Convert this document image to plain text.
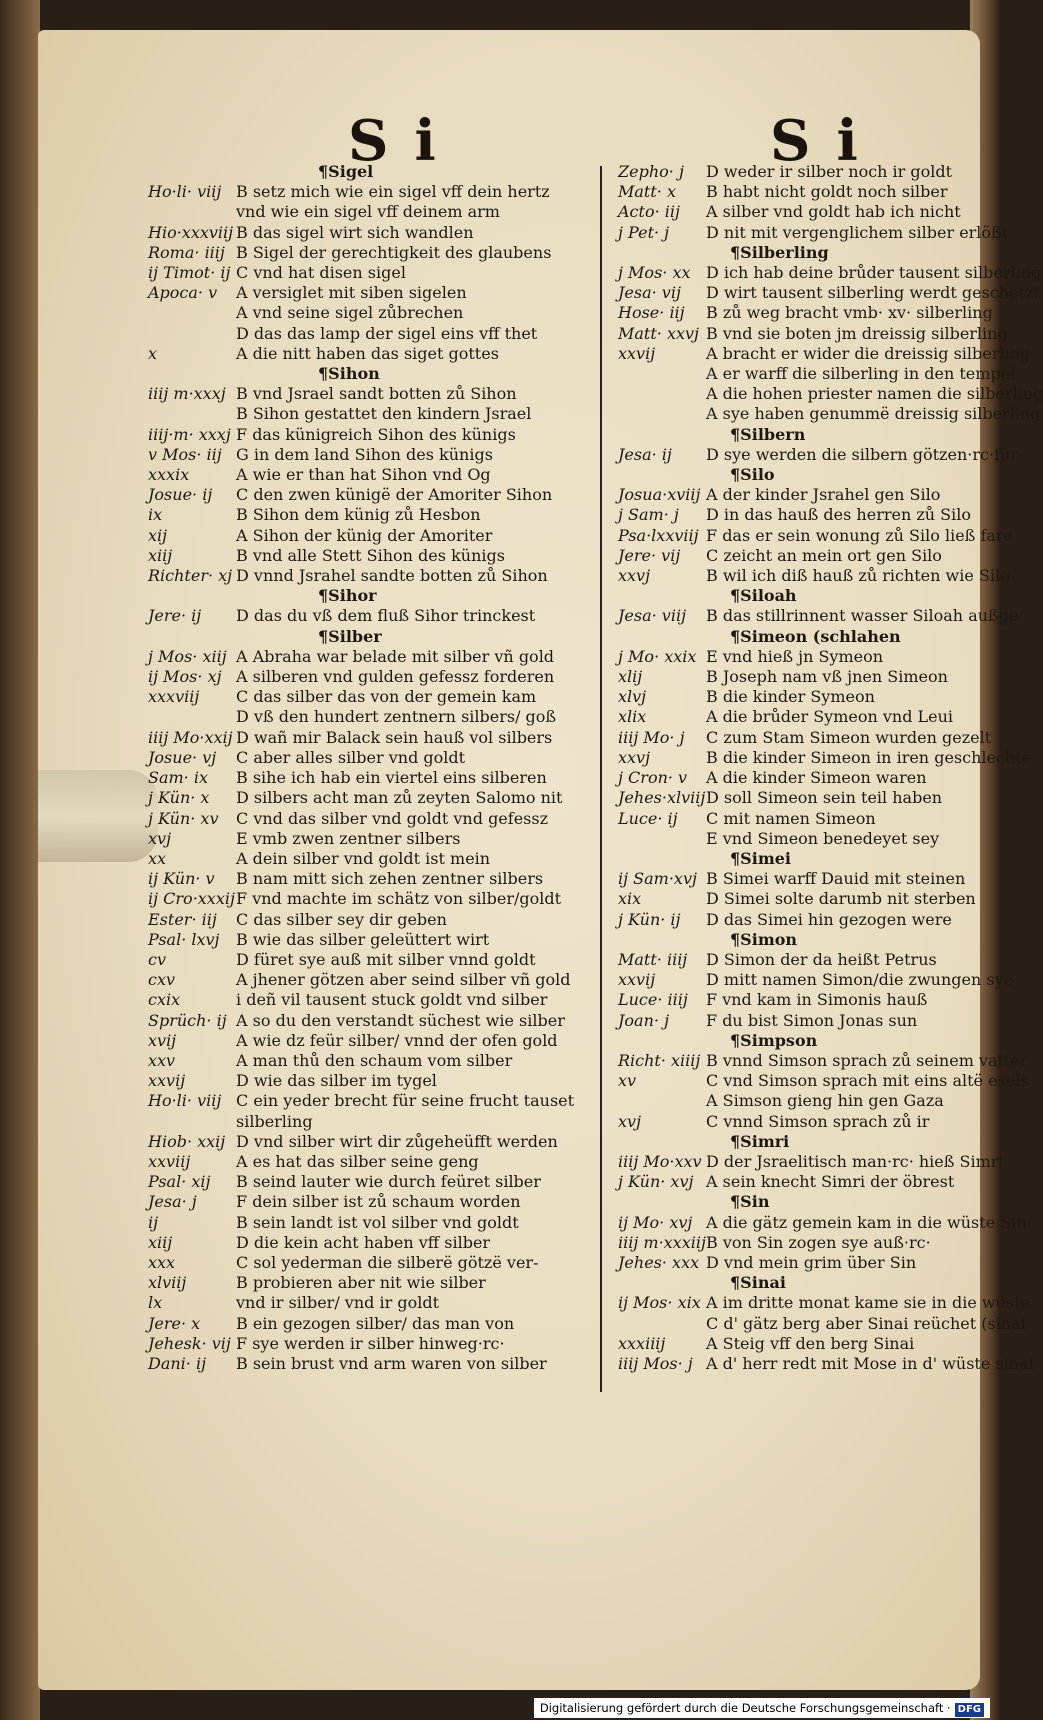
Si	Si
¶Sigel
Ho·li· viij B setz mich wie ein sigel vff dein hertz
vnd wie ein sigel vff deinem arm
Hio·xxxviij B das sigel wirt sich wandlen
Roma· iiij B Sigel der gerechtigkeit des glaubens
ij Timot· ij C vnd hat disen sigel
Apoca· v	A versiglet mit siben sigelen
A vnd seine sigel zůbrechen
D das das lamp der sigel eins vff thet
x	A die nitt haben das siget gottes
¶Sihon
iiij m·xxxj B vnd Jsrael sandt botten zů Sihon
B Sihon gestattet den kindern Jsrael
iiij·m· xxxj F das künigreich Sihon des künigs
v Mos· iij G in dem land Sihon des künigs
xxxix	A wie er than hat Sihon vnd Og
Josue· ij	C den zwen künigë der Amoriter Sihon
ix	B Sihon dem künig zů Hesbon
xij	A Sihon der künig der Amoriter
xiij	B vnd alle Stett Sihon des künigs
Richter· xj D vnnd Jsrahel sandte botten zů Sihon
¶Sihor
Jere· ij	D das du vß dem fluß Sihor trinckest
¶Silber
j Mos· xiij A Abraha war belade mit silber vñ gold
ij Mos· xj A silberen vnd gulden gefessz forderen
xxxviij	C das silber das von der gemein kam
D vß den hundert zentnern silbers/ goß
iiij Mo·xxij D wañ mir Balack sein hauß vol silbers
Josue· vj	C aber alles silber vnd goldt
Sam· ix	B sihe ich hab ein viertel eins silberen
j Kün· x	D silbers acht man zů zeyten Salomo nit
j Kün· xv	C vnd das silber vnd goldt vnd gefessz
xvj	E vmb zwen zentner silbers
xx	A dein silber vnd goldt ist mein
ij Kün· v	B nam mitt sich zehen zentner silbers
ij Cro·xxxij F vnd machte im schätz von silber/goldt
Ester· iij	C das silber sey dir geben
Psal· lxvj	B wie das silber geleüttert wirt
cv	D füret sye auß mit silber vnnd goldt
cxv	A jhener götzen aber seind silber vñ gold
cxix	i deñ vil tausent stuck goldt vnd silber
Sprüch· ij A so du den verstandt süchest wie silber
xvij	A wie dz feür silber/ vnnd der ofen gold
xxv	A man thů den schaum vom silber
xxvij	D wie das silber im tygel
Ho·li· viij C ein yeder brecht für seine frucht tauset
silberling
Hiob· xxij D vnd silber wirt dir zůgeheüfft werden
xxviij	A es hat das silber seine geng
Psal· xij	B seind lauter wie durch feüret silber
Jesa· j	F dein silber ist zů schaum worden
ij	B sein landt ist vol silber vnd goldt
xiij	D die kein acht haben vff silber
xxx	C sol yederman die silberë götzë ver-
xlviij	B probieren aber nit wie silber
lx	vnd ir silber/ vnd ir goldt
Jere· x	B ein gezogen silber/ das man von
Jehesk· vij F sye werden ir silber hinweg·rc·
Dani· ij	B sein brust vnd arm waren von silber
Zepho· j	D weder ir silber noch ir goldt
Matt· x	B habt nicht goldt noch silber
Acto· iij	A silber vnd goldt hab ich nicht
j Pet· j	D nit mit vergenglichem silber erlößt
¶Silberling
j Mos· xx D ich hab deine brůder tausent silberling
Jesa· vij	D wirt tausent silberling werdt geschetzt
Hose· iij	B zů weg bracht vmb· xv· silberling
Matt· xxvj B vnd sie boten jm dreissig silberling
xxvij	A bracht er wider die dreissig silberling
A er warff die silberling in den tempel
A die hohen priester namen die silberling
A sye haben genummë dreissig silberling
¶Silbern
Jesa· ij	D sye werden die silbern götzen·rc·für·
¶Silo
Josua·xviij A der kinder Jsrahel gen Silo
j Sam· j	D in das hauß des herren zů Silo
Psa·lxxviij F das er sein wonung zů Silo ließ fare
Jere· vij	C zeicht an mein ort gen Silo
xxvj	B wil ich diß hauß zů richten wie Silo
¶Siloah
Jesa· viij	B das stillrinnent wasser Siloah außge
¶Simeon (schlahen
j Mo· xxix E vnd hieß jn Symeon
xlij	B Joseph nam vß jnen Simeon
xlvj	B die kinder Symeon
xlix	A die brůder Symeon vnd Leui
iiij Mo· j	C zum Stam Simeon wurden gezelt
xxvj	B die kinder Simeon in iren geschlechte
j Cron· v	A die kinder Simeon waren
Jehes·xlviij D soll Simeon sein teil haben
Luce· ij	C mit namen Simeon
E vnd Simeon benedeyet sey
¶Simei
ij Sam·xvj B Simei warff Dauid mit steinen
xix	D Simei solte darumb nit sterben
j Kün· ij	D das Simei hin gezogen were
¶Simon
Matt· iiij	D Simon der da heißt Petrus
xxvij	D mitt namen Simon/die zwungen sye
Luce· iiij	F vnd kam in Simonis hauß
Joan· j	F du bist Simon Jonas sun
¶Simpson
Richt· xiiij B vnnd Simson sprach zů seinem vatter
xv	C vnd Simson sprach mit eins altë esels
A Simson gieng hin gen Gaza
xvj	C vnnd Simson sprach zů ir
¶Simri
iiij Mo·xxv D der Jsraelitisch man·rc· hieß Simri
j Kün· xvj A sein knecht Simri der öbrest
¶Sin
ij Mo· xvj A die gätz gemein kam in die wüste Sin
iiij m·xxxiij B von Sin zogen sye auß·rc·
Jehes· xxx D vnd mein grim über Sin
¶Sinai
ij Mos· xix A im dritte monat kame sie in die wüste
C d' gätz berg aber Sinai reüchet (sinai
xxxiiij	A Steig vff den berg Sinai
iiij Mos· j A d' herr redt mit Mose in d' wüste sinai
Digitalisierung gefördert durch die Deutsche Forschungsgemeinschaft · DFG
